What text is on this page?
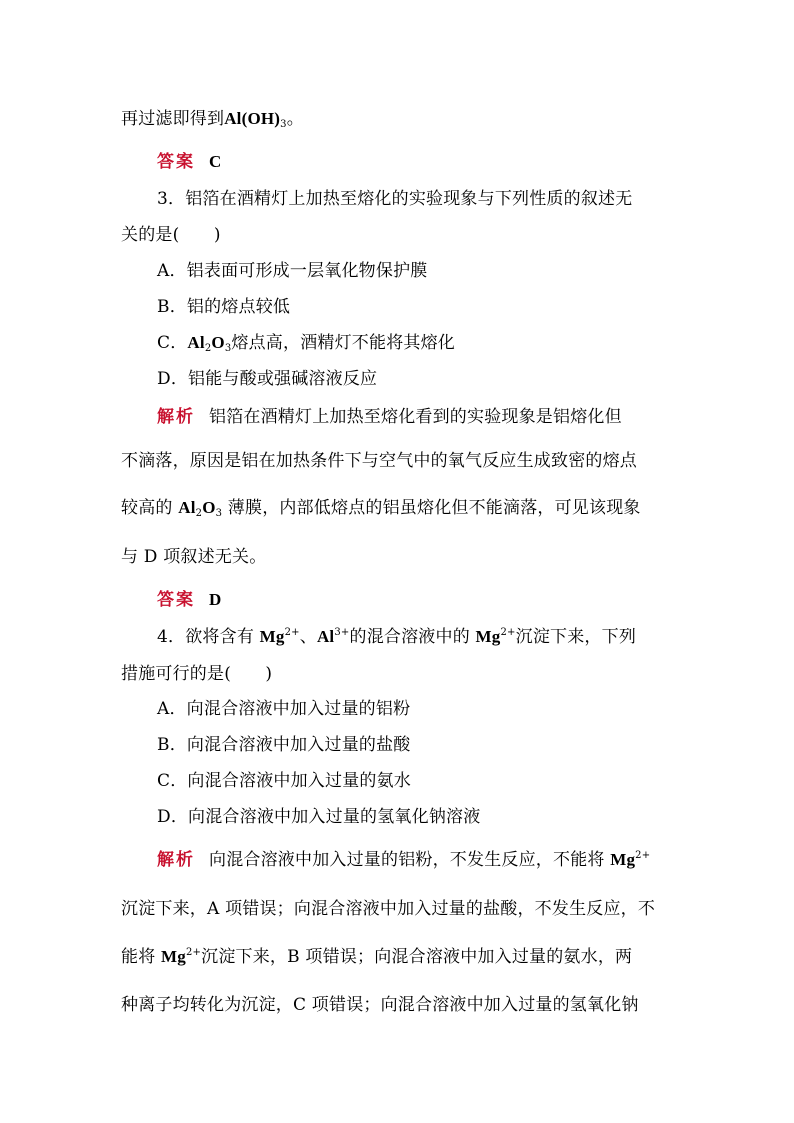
再过滤即得到$Al(OH)_3$。
答案 C
3．铝箔在酒精灯上加热至熔化的实验现象与下列性质的叙述无
关的是(　　)
A．铝表面可形成一层氧化物保护膜
B．铝的熔点较低
C．$Al_2O_3$熔点高，酒精灯不能将其熔化
D．铝能与酸或强碱溶液反应
解析 铝箔在酒精灯上加热至熔化看到的实验现象是铝熔化但
不滴落，原因是铝在加热条件下与空气中的氧气反应生成致密的熔点
较高的 $Al_2O_3$ 薄膜，内部低熔点的铝虽熔化但不能滴落，可见该现象
与 D 项叙述无关。
答案 D
4．欲将含有 $Mg^{2+}$、$Al^{3+}$的混合溶液中的 $Mg^{2+}$沉淀下来，下列
措施可行的是(　　)
A．向混合溶液中加入过量的铝粉
B．向混合溶液中加入过量的盐酸
C．向混合溶液中加入过量的氨水
D．向混合溶液中加入过量的氢氧化钠溶液
解析 向混合溶液中加入过量的铝粉，不发生反应，不能将 $Mg^{2+}$
沉淀下来，A 项错误；向混合溶液中加入过量的盐酸，不发生反应，不
能将 $Mg^{2+}$沉淀下来，B 项错误；向混合溶液中加入过量的氨水，两
种离子均转化为沉淀，C 项错误；向混合溶液中加入过量的氢氧化钠
